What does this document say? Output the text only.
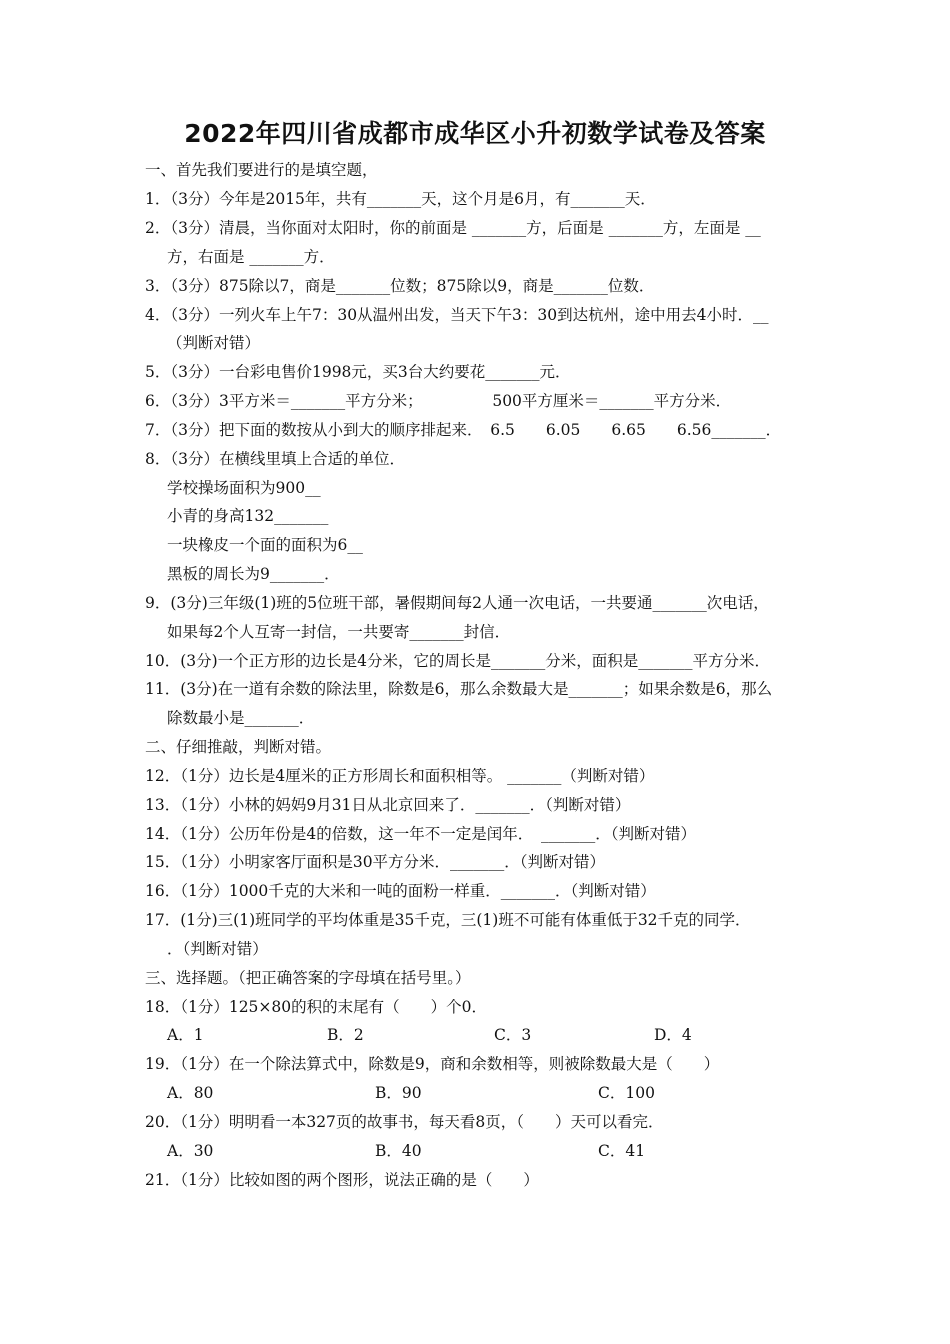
2022年四川省成都市成华区小升初数学试卷及答案
一、首先我们要进行的是填空题，
1．（3分）今年是2015年，共有_______天，这个月是6月，有_______天．
2．（3分）清晨，当你面对太阳时，你的前面是 _______方，后面是 _______方，左面是 __
方，右面是 _______方．
3．（3分）875除以7，商是_______位数；875除以9，商是_______位数．
4．（3分）一列火车上午7：30从温州出发，当天下午3：30到达杭州，途中用去4小时．__
（判断对错）
5．（3分）一台彩电售价1998元，买3台大约要花_______元．
6．（3分）3平方米＝_______平方分米；　　　　　500平方厘米＝_______平方分米．
7．（3分）把下面的数按从小到大的顺序排起来．　6.5　　6.05　　6.65　　6.56_______．
8．（3分）在横线里填上合适的单位．
学校操场面积为900__
小青的身高132_______
一块橡皮一个面的面积为6__
黑板的周长为9_______．
9．(3分)三年级(1)班的5位班干部，暑假期间每2人通一次电话，一共要通_______次电话，
如果每2个人互寄一封信，一共要寄_______封信．
10．(3分)一个正方形的边长是4分米，它的周长是_______分米，面积是_______平方分米．
11．(3分)在一道有余数的除法里，除数是6，那么余数最大是_______；如果余数是6，那么
除数最小是_______．
二、仔细推敲，判断对错。
12．（1分）边长是4厘米的正方形周长和面积相等。 _______（判断对错）
13．（1分）小林的妈妈9月31日从北京回来了．_______．（判断对错）
14．（1分）公历年份是4的倍数，这一年不一定是闰年．　_______．（判断对错）
15．（1分）小明家客厅面积是30平方分米．_______．（判断对错）
16．（1分）1000千克的大米和一吨的面粉一样重．_______．（判断对错）
17．(1分)三(1)班同学的平均体重是35千克，三(1)班不可能有体重低于32千克的同学．
．（判断对错）
三、选择题。（把正确答案的字母填在括号里。）
18．（1分）125×80的积的末尾有（　　）个0．
A．1	B．2	C．3	D．4
19．（1分）在一个除法算式中，除数是9，商和余数相等，则被除数最大是（　　）
A．80	B．90	C．100
20．（1分）明明看一本327页的故事书，每天看8页，（　　）天可以看完．
A．30	B．40	C．41
21．（1分）比较如图的两个图形，说法正确的是（　　）
